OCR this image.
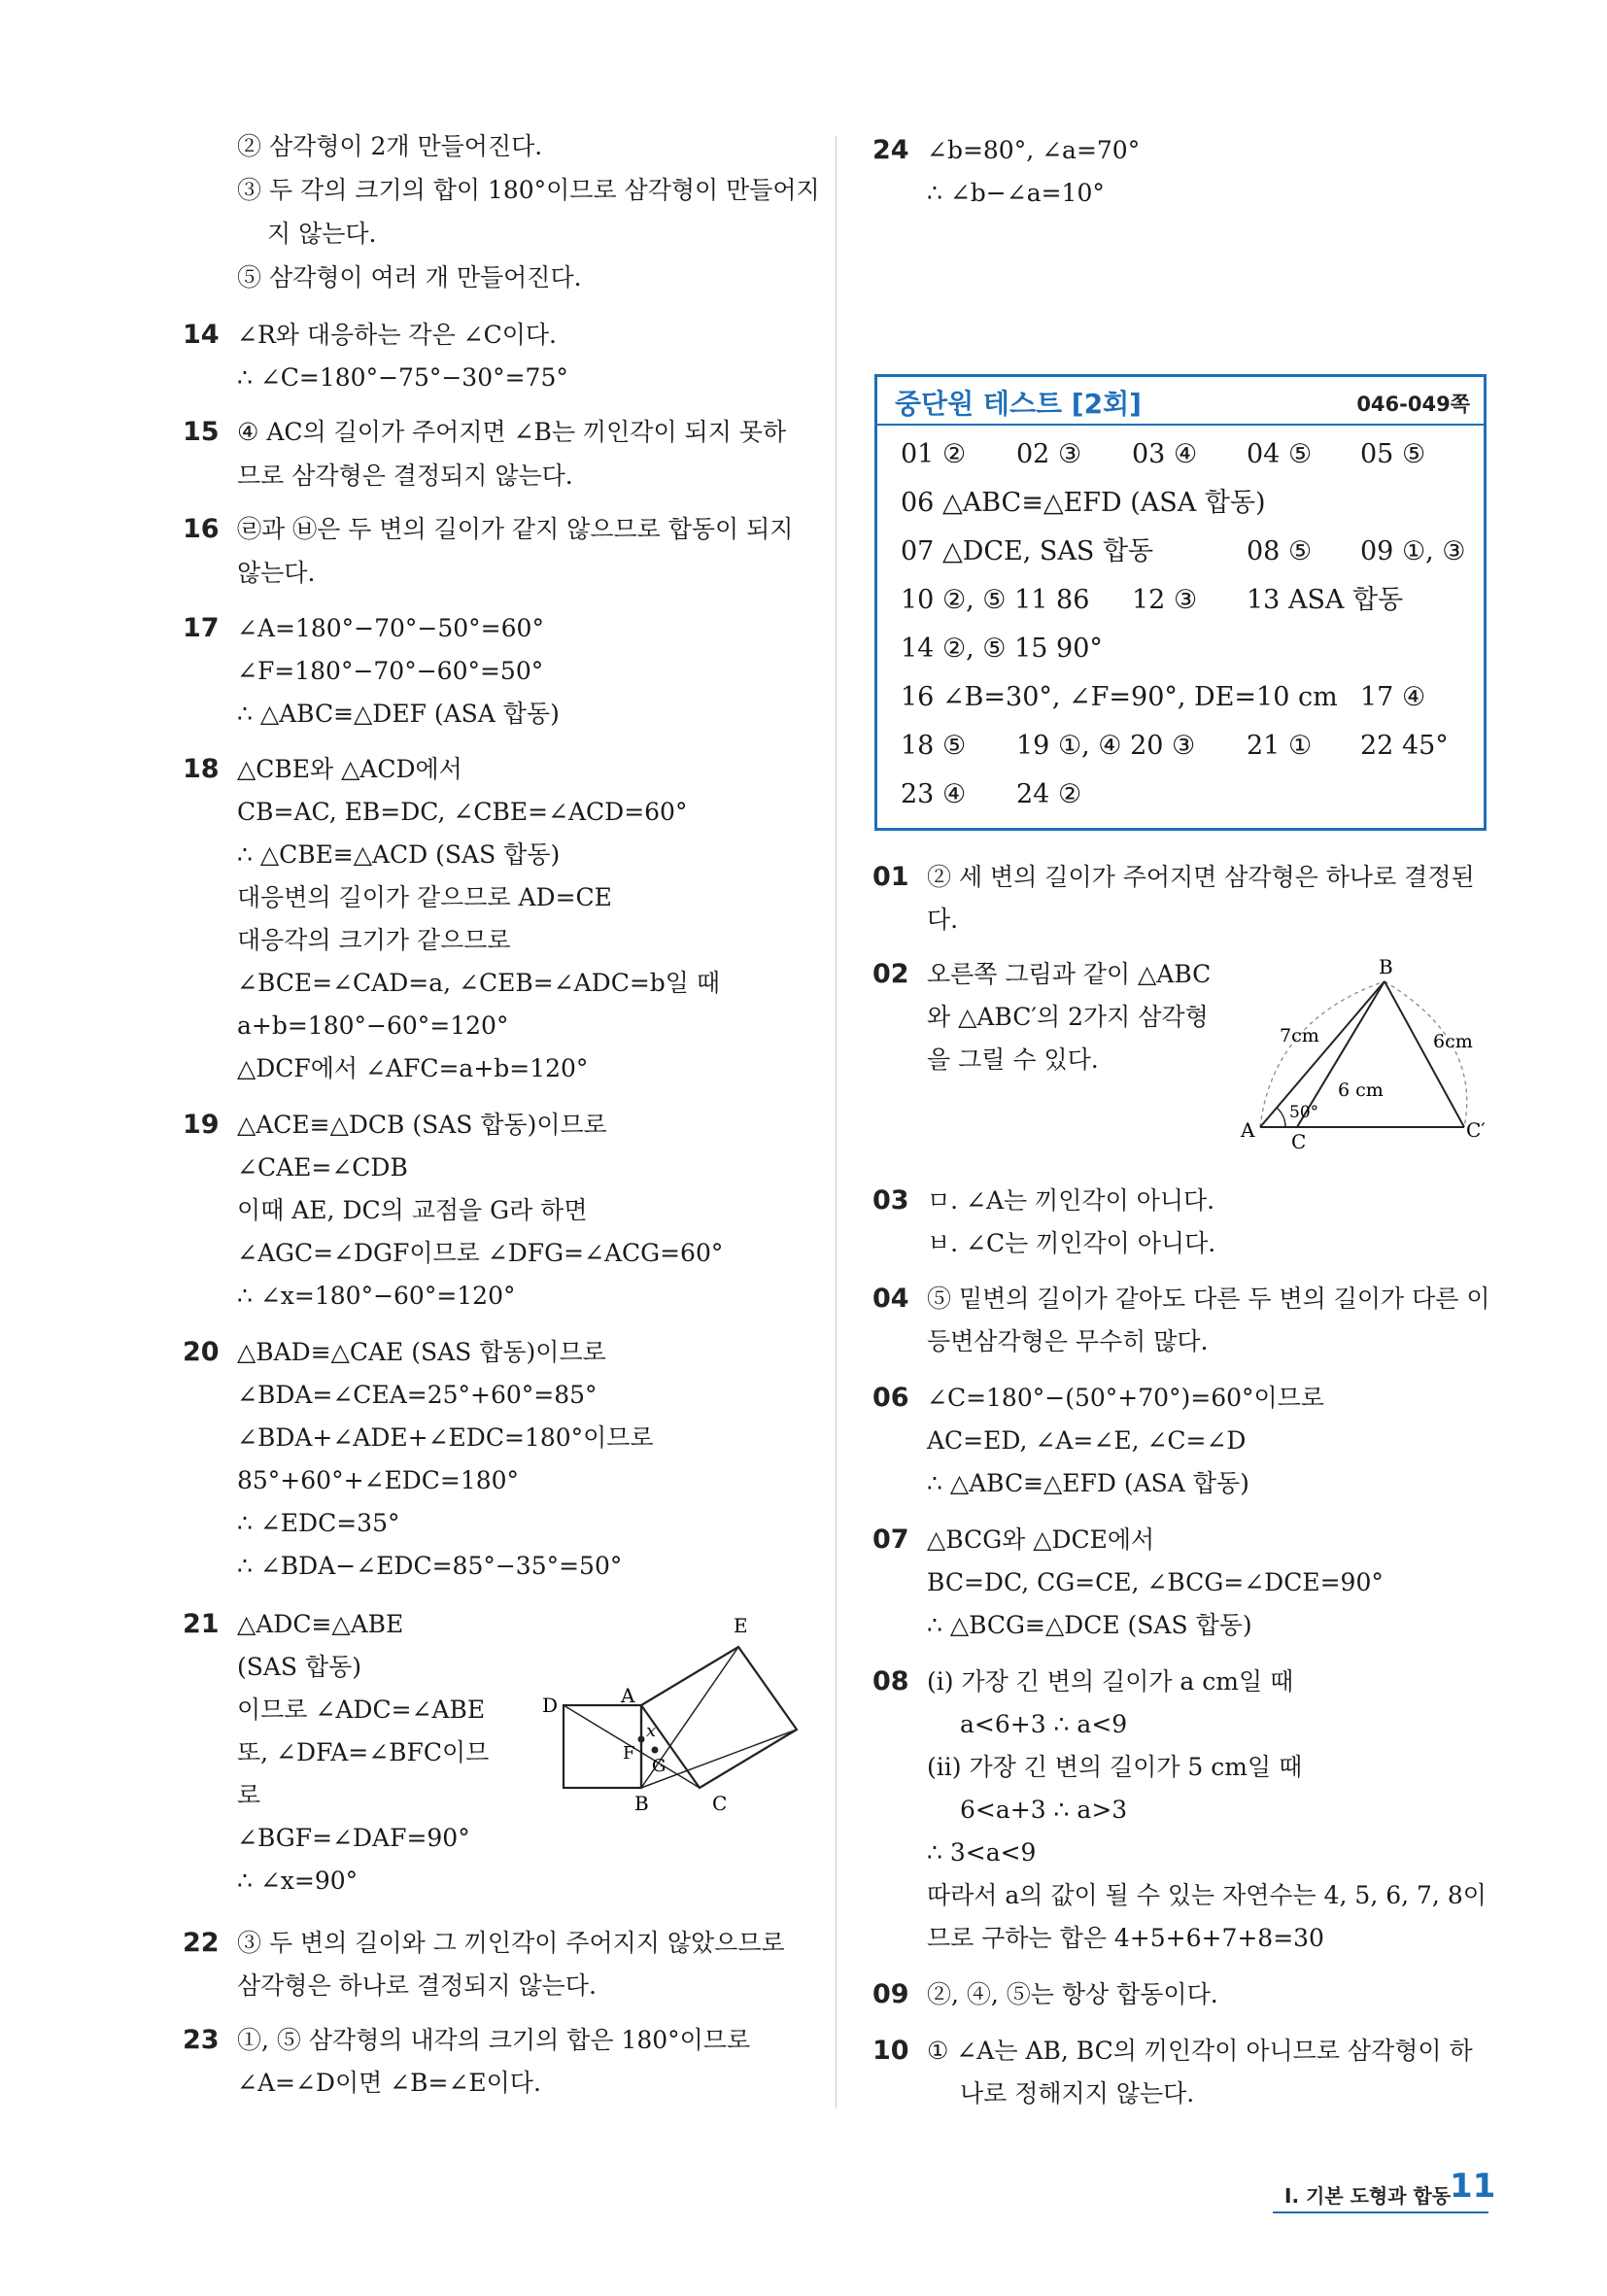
② 삼각형이 2개 만들어진다.
③ 두 각의 크기의 합이 180°이므로 삼각형이 만들어지
지 않는다.
⑤ 삼각형이 여러 개 만들어진다.
14 ∠R와 대응하는 각은 ∠C이다.
∴ ∠C=180°−75°−30°=75°
15 ④ AC의 길이가 주어지면 ∠B는 끼인각이 되지 못하
므로 삼각형은 결정되지 않는다.
16 ㉣과 ㉥은 두 변의 길이가 같지 않으므로 합동이 되지
않는다.
17 ∠A=180°−70°−50°=60°
∠F=180°−70°−60°=50°
∴ △ABC≡△DEF (ASA 합동)
18 △CBE와 △ACD에서
CB=AC, EB=DC, ∠CBE=∠ACD=60°
∴ △CBE≡△ACD (SAS 합동)
대응변의 길이가 같으므로 AD=CE
대응각의 크기가 같으므로
∠BCE=∠CAD=a, ∠CEB=∠ADC=b일 때
a+b=180°−60°=120°
△DCF에서 ∠AFC=a+b=120°
19 △ACE≡△DCB (SAS 합동)이므로
∠CAE=∠CDB
이때 AE, DC의 교점을 G라 하면
∠AGC=∠DGF이므로 ∠DFG=∠ACG=60°
∴ ∠x=180°−60°=120°
20 △BAD≡△CAE (SAS 합동)이므로
∠BDA=∠CEA=25°+60°=85°
∠BDA+∠ADE+∠EDC=180°이므로
85°+60°+∠EDC=180°
∴ ∠EDC=35°
∴ ∠BDA−∠EDC=85°−35°=50°
21 △ADC≡△ABE
(SAS 합동)
이므로 ∠ADC=∠ABE
또, ∠DFA=∠BFC이므
로
∠BGF=∠DAF=90°
∴ ∠x=90°
E
A
D
x
F
G
B	C
22 ③ 두 변의 길이와 그 끼인각이 주어지지 않았으므로
삼각형은 하나로 결정되지 않는다.
23 ①, ⑤ 삼각형의 내각의 크기의 합은 180°이므로
∠A=∠D이면 ∠B=∠E이다.
24 ∠b=80°, ∠a=70°
∴ ∠b−∠a=10°
중단원 테스트 [2회]	046-049쪽
01 ② 02 ③ 03 ④ 04 ⑤ 05 ⑤
06 △ABC≡△EFD (ASA 합동)
07 △DCE, SAS 합동	08 ⑤ 09 ①, ③
10 ②, ⑤ 11 86 12 ③ 13 ASA 합동
14 ②, ⑤ 15 90°
16 ∠B=30°, ∠F=90°, DE=10 cm 17 ④
18 ⑤ 19 ①, ④ 20 ③ 21 ① 22 45°
23 ④ 24 ②
01 ② 세 변의 길이가 주어지면 삼각형은 하나로 결정된
다.
02 오른쪽 그림과 같이 △ABC
와 △ABC′의 2가지 삼각형
을 그릴 수 있다.
B
7cm	6cm
6 cm
50°
A C	C′
03 ㅁ. ∠A는 끼인각이 아니다.
ㅂ. ∠C는 끼인각이 아니다.
04 ⑤ 밑변의 길이가 같아도 다른 두 변의 길이가 다른 이
등변삼각형은 무수히 많다.
06 ∠C=180°−(50°+70°)=60°이므로
AC=ED, ∠A=∠E, ∠C=∠D
∴ △ABC≡△EFD (ASA 합동)
07 △BCG와 △DCE에서
BC=DC, CG=CE, ∠BCG=∠DCE=90°
∴ △BCG≡△DCE (SAS 합동)
08 (i) 가장 긴 변의 길이가 a cm일 때
a<6+3 ∴ a<9
(ii) 가장 긴 변의 길이가 5 cm일 때
6<a+3 ∴ a>3
∴ 3<a<9
따라서 a의 값이 될 수 있는 자연수는 4, 5, 6, 7, 8이
므로 구하는 합은 4+5+6+7+8=30
09 ②, ④, ⑤는 항상 합동이다.
10 ① ∠A는 AB, BC의 끼인각이 아니므로 삼각형이 하
나로 정해지지 않는다.
Ⅰ. 기본 도형과 합동
11
